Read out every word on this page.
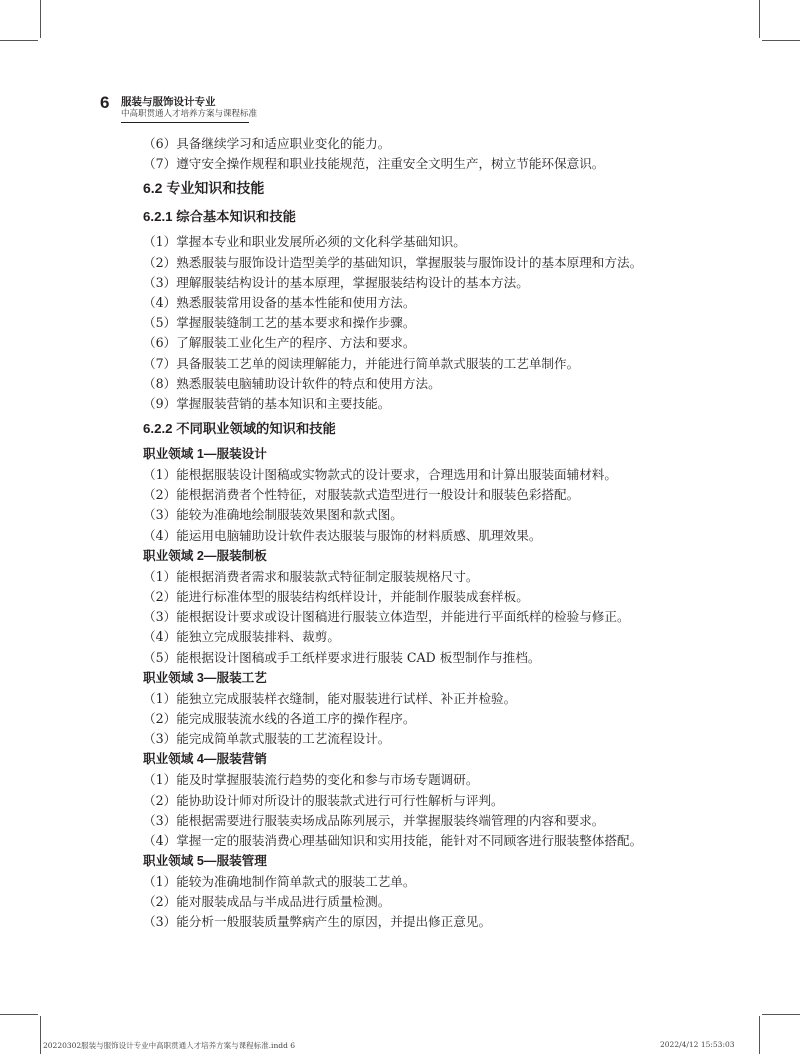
6 服装与服饰设计专业
中高职贯通人才培养方案与课程标准
（6）具备继续学习和适应职业变化的能力。
（7）遵守安全操作规程和职业技能规范，注重安全文明生产，树立节能环保意识。
6.2 专业知识和技能
6.2.1 综合基本知识和技能
（1）掌握本专业和职业发展所必须的文化科学基础知识。
（2）熟悉服装与服饰设计造型美学的基础知识，掌握服装与服饰设计的基本原理和方法。
（3）理解服装结构设计的基本原理，掌握服装结构设计的基本方法。
（4）熟悉服装常用设备的基本性能和使用方法。
（5）掌握服装缝制工艺的基本要求和操作步骤。
（6）了解服装工业化生产的程序、方法和要求。
（7）具备服装工艺单的阅读理解能力，并能进行简单款式服装的工艺单制作。
（8）熟悉服装电脑辅助设计软件的特点和使用方法。
（9）掌握服装营销的基本知识和主要技能。
6.2.2 不同职业领域的知识和技能
职业领域 1—服装设计
（1）能根据服装设计图稿或实物款式的设计要求，合理选用和计算出服装面辅材料。
（2）能根据消费者个性特征，对服装款式造型进行一般设计和服装色彩搭配。
（3）能较为准确地绘制服装效果图和款式图。
（4）能运用电脑辅助设计软件表达服装与服饰的材料质感、肌理效果。
职业领域 2—服装制板
（1）能根据消费者需求和服装款式特征制定服装规格尺寸。
（2）能进行标准体型的服装结构纸样设计，并能制作服装成套样板。
（3）能根据设计要求或设计图稿进行服装立体造型，并能进行平面纸样的检验与修正。
（4）能独立完成服装排料、裁剪。
（5）能根据设计图稿或手工纸样要求进行服装 CAD 板型制作与推档。
职业领域 3—服装工艺
（1）能独立完成服装样衣缝制，能对服装进行试样、补正并检验。
（2）能完成服装流水线的各道工序的操作程序。
（3）能完成简单款式服装的工艺流程设计。
职业领域 4—服装营销
（1）能及时掌握服装流行趋势的变化和参与市场专题调研。
（2）能协助设计师对所设计的服装款式进行可行性解析与评判。
（3）能根据需要进行服装卖场成品陈列展示，并掌握服装终端管理的内容和要求。
（4）掌握一定的服装消费心理基础知识和实用技能，能针对不同顾客进行服装整体搭配。
职业领域 5—服装管理
（1）能较为准确地制作简单款式的服装工艺单。
（2）能对服装成品与半成品进行质量检测。
（3）能分析一般服装质量弊病产生的原因，并提出修正意见。
20220302服装与服饰设计专业中高职贯通人才培养方案与课程标准.indd 6	2022/4/12 15:53:03
